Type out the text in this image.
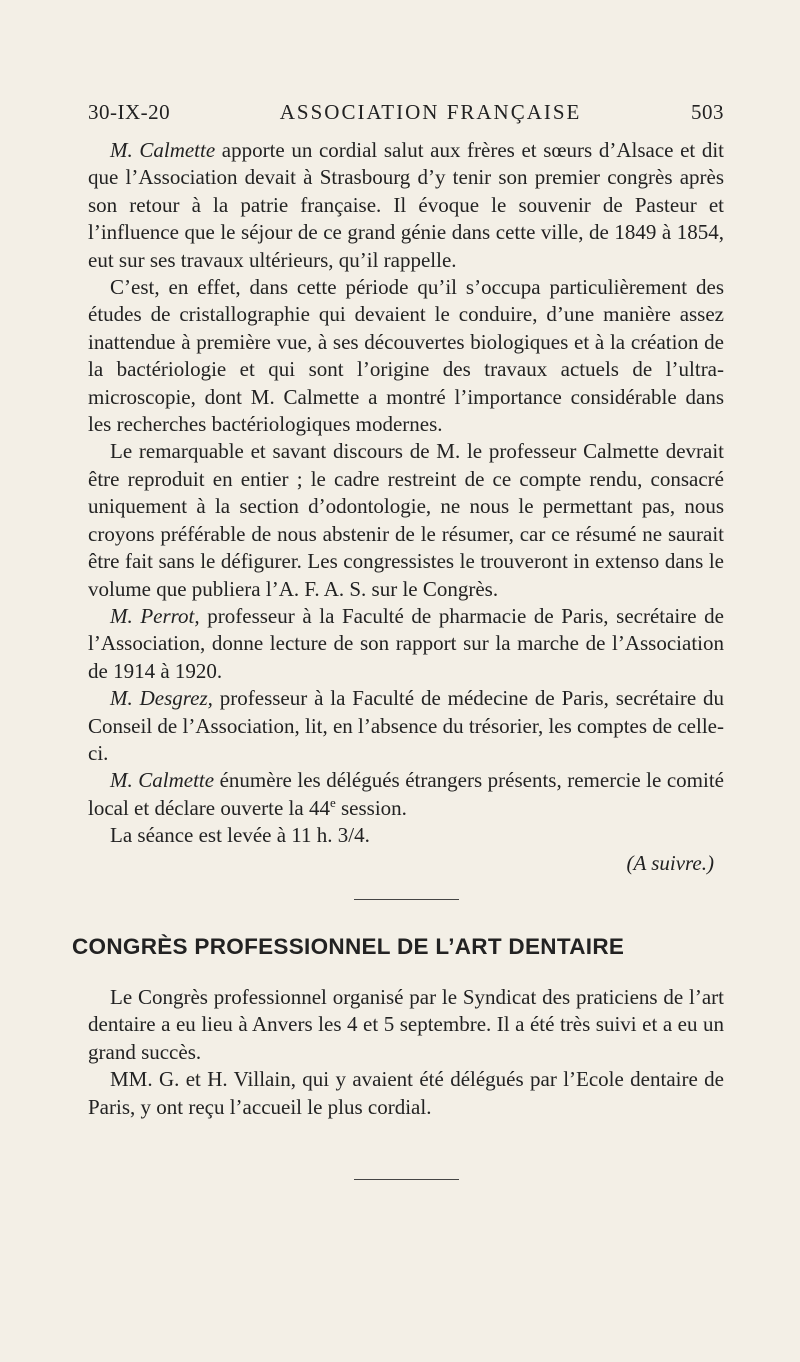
30-IX-20	ASSOCIATION FRANÇAISE	503

M. Calmette apporte un cordial salut aux frères et sœurs d’Alsace et dit que l’Association devait à Strasbourg d’y tenir son premier congrès après son retour à la patrie française. Il évoque le souvenir de Pasteur et l’influence que le séjour de ce grand génie dans cette ville, de 1849 à 1854, eut sur ses travaux ultérieurs, qu’il rappelle.

C’est, en effet, dans cette période qu’il s’occupa particulièrement des études de cristallographie qui devaient le conduire, d’une manière assez inattendue à première vue, à ses découvertes biologiques et à la création de la bactériologie et qui sont l’origine des travaux actuels de l’ultra-microscopie, dont M. Calmette a montré l’importance considérable dans les recherches bactériologiques modernes.

Le remarquable et savant discours de M. le professeur Calmette devrait être reproduit en entier ; le cadre restreint de ce compte rendu, consacré uniquement à la section d’odontologie, ne nous le permettant pas, nous croyons préférable de nous abstenir de le résumer, car ce résumé ne saurait être fait sans le défigurer. Les congressistes le trouveront in extenso dans le volume que publiera l’A. F. A. S. sur le Congrès.

M. Perrot, professeur à la Faculté de pharmacie de Paris, secrétaire de l’Association, donne lecture de son rapport sur la marche de l’Association de 1914 à 1920.

M. Desgrez, professeur à la Faculté de médecine de Paris, secrétaire du Conseil de l’Association, lit, en l’absence du trésorier, les comptes de celle-ci.

M. Calmette énumère les délégués étrangers présents, remercie le comité local et déclare ouverte la 44e session.

La séance est levée à 11 h. 3/4.

(A suivre.)
CONGRÈS PROFESSIONNEL DE L’ART DENTAIRE

Le Congrès professionnel organisé par le Syndicat des praticiens de l’art dentaire a eu lieu à Anvers les 4 et 5 septembre. Il a été très suivi et a eu un grand succès.

MM. G. et H. Villain, qui y avaient été délégués par l’Ecole dentaire de Paris, y ont reçu l’accueil le plus cordial.
